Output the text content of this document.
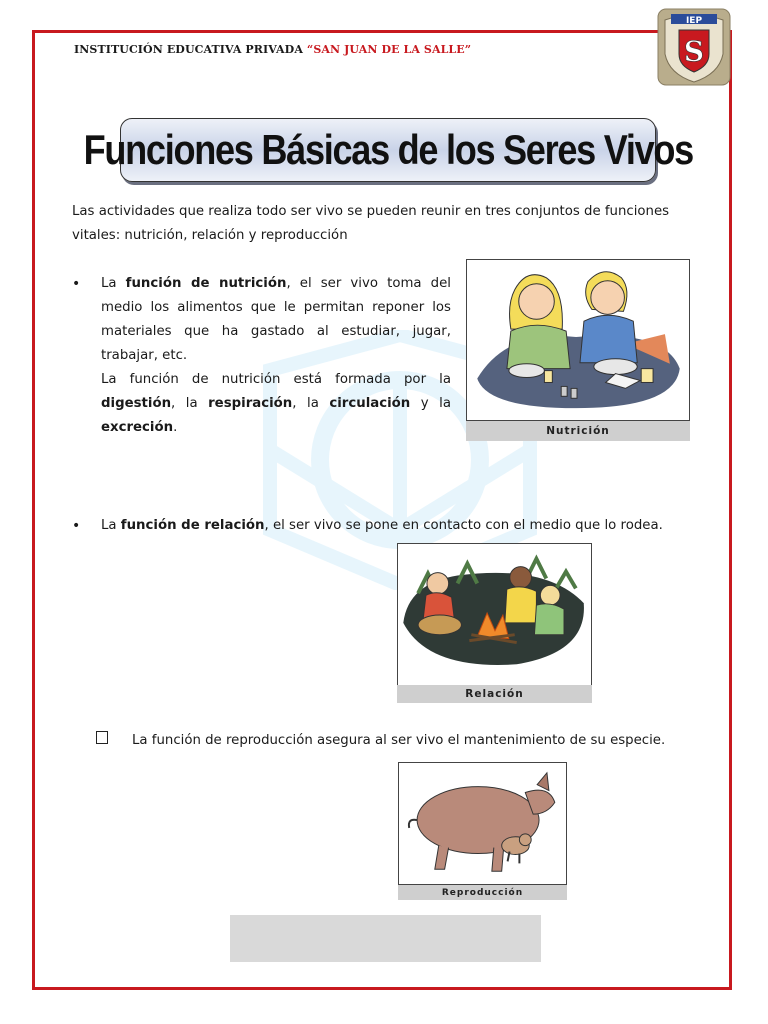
INSTITUCIÓN EDUCATIVA PRIVADA “SAN JUAN DE LA SALLE”
IEP
S
Funciones Básicas de los Seres Vivos
Las actividades que realiza todo ser vivo se pueden reunir en tres conjuntos de funciones vitales: nutrición, relación y reproducción
• La función de nutrición, el ser vivo toma del medio los alimentos que le permitan reponer los materiales que ha gastado al estudiar, jugar, trabajar, etc.
La función de nutrición está formada por la digestión, la respiración, la circulación y la excreción.	Nutrición
• La función de relación, el ser vivo se pone en contacto con el medio que lo rodea.
Relación
La función de reproducción asegura al ser vivo el mantenimiento de su especie.
Reproducción
